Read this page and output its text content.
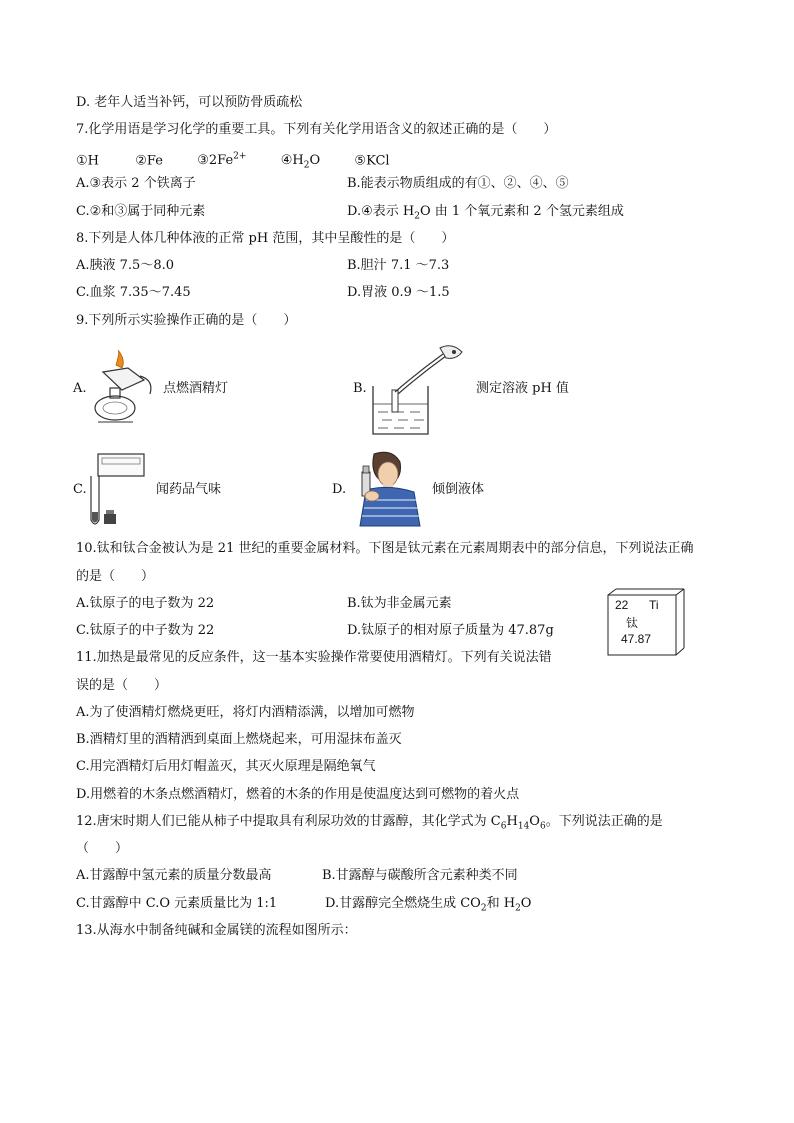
D. 老年人适当补钙，可以预防骨质疏松
7.化学用语是学习化学的重要工具。下列有关化学用语含义的叙述正确的是（　　）
①H	②Fe	$③2Fe^{2+}$	$④H_2O$	⑤KCl
A.③表示 2 个铁离子	B.能表示物质组成的有①、②、④、⑤
C.②和③属于同种元素	D.④表示 $H_2O$ 由 1 个氧元素和 2 个氢元素组成
8.下列是人体几种体液的正常 pH 范围，其中呈酸性的是（　　）
A.胰液 7.5～8.0	B.胆汁 7.1 ～7.3
C.血浆 7.35～7.45	D.胃液 0.9 ～1.5
9.下列所示实验操作正确的是（　　）
A.	点燃酒精灯	B.	测定溶液 pH 值
C.	闻药品气味	D.	倾倒液体
10.钛和钛合金被认为是 21 世纪的重要金属材料。下图是钛元素在元素周期表中的部分信息，下列说法正确
的是（　　）
A.钛原子的电子数为 22	B.钛为非金属元素
C.钛原子的中子数为 22	D.钛原子的相对原子质量为 47.87g
22 Ti
钛
47.87
11.加热是最常见的反应条件，这一基本实验操作常要使用酒精灯。下列有关说法错
误的是（　　）
A.为了使酒精灯燃烧更旺，将灯内酒精添满，以增加可燃物
B.酒精灯里的酒精洒到桌面上燃烧起来，可用湿抹布盖灭
C.用完酒精灯后用灯帽盖灭，其灭火原理是隔绝氧气
D.用燃着的木条点燃酒精灯，燃着的木条的作用是使温度达到可燃物的着火点
12.唐宋时期人们已能从柿子中提取具有利尿功效的甘露醇，其化学式为 $C_6H_{14}O_6$。下列说法正确的是
（　　）
A.甘露醇中氢元素的质量分数最高	B.甘露醇与碳酸所含元素种类不同
C.甘露醇中 C.O 元素质量比为 1:1	D.甘露醇完全燃烧生成 $CO_2$和 $H_2O$
13.从海水中制备纯碱和金属镁的流程如图所示：
